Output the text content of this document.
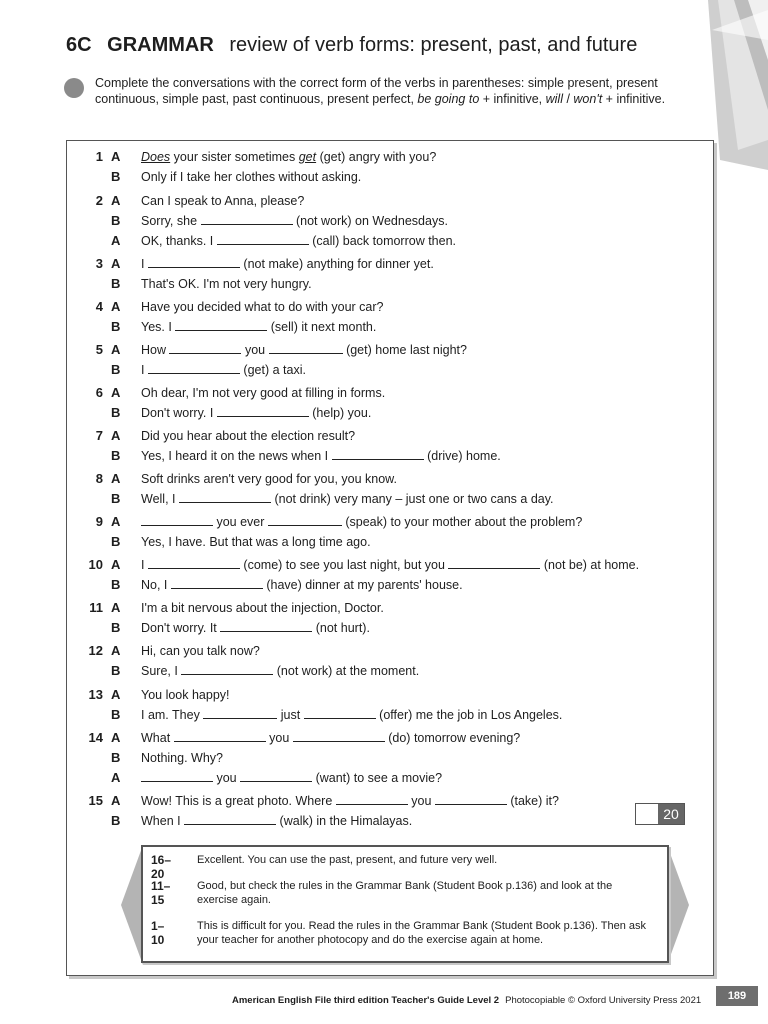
6C GRAMMAR review of verb forms: present, past, and future
Complete the conversations with the correct form of the verbs in parentheses: simple present, present continuous, simple past, past continuous, present perfect, be going to + infinitive, will / won't + infinitive.
20
16–20
Excellent. You can use the past, present, and future very well.
11–15
Good, but check the rules in the Grammar Bank (Student Book p.136) and look at the exercise again.
1–10
This is difficult for you. Read the rules in the Grammar Bank (Student Book p.136). Then ask your teacher for another photocopy and do the exercise again at home.
1 A Does your sister sometimes get (get) angry with you?
B Only if I take her clothes without asking.
2 A Can I speak to Anna, please?
B Sorry, she	(not work) on Wednesdays.
A OK, thanks. I	(call) back tomorrow then.
3 A I	(not make) anything for dinner yet.
B That's OK. I'm not very hungry.
4 A Have you decided what to do with your car?
B Yes. I	(sell) it next month.
5 A How	you	(get) home last night?
B I	(get) a taxi.
6 A Oh dear, I'm not very good at filling in forms.
B Don't worry. I	(help) you.
7 A Did you hear about the election result?
B Yes, I heard it on the news when I	(drive) home.
8 A Soft drinks aren't very good for you, you know.
B Well, I	(not drink) very many – just one or two cans a day.
9 A	you ever	(speak) to your mother about the problem?
B Yes, I have. But that was a long time ago.
10 A I	(come) to see you last night, but you	(not be) at home.
B No, I	(have) dinner at my parents' house.
11 A I'm a bit nervous about the injection, Doctor.
B Don't worry. It	(not hurt).
12 A Hi, can you talk now?
B Sure, I	(not work) at the moment.
13 A You look happy!
B I am. They	just	(offer) me the job in Los Angeles.
14 A What	you	(do) tomorrow evening?
B Nothing. Why?
A	you	(want) to see a movie?
15 A Wow! This is a great photo. Where	you	(take) it?
B When I	(walk) in the Himalayas.
American English File third edition Teacher's Guide Level 2 Photocopiable © Oxford University Press 2021	189
